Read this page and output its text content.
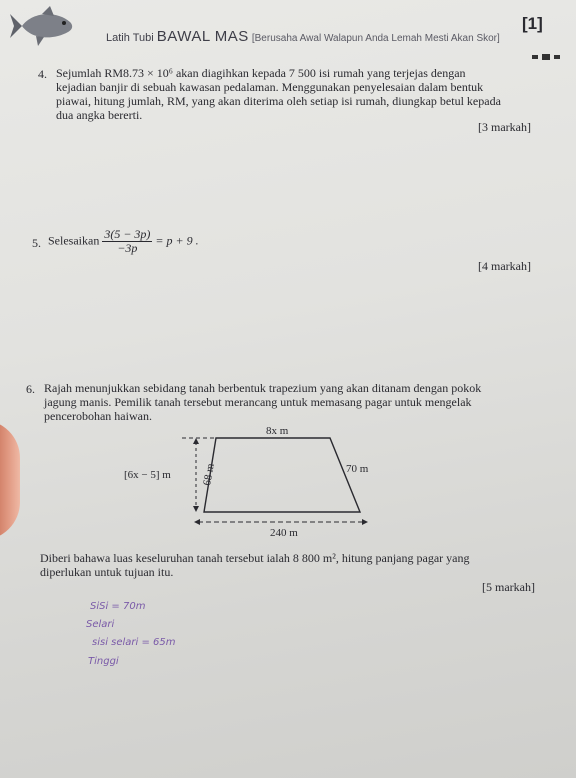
[1]
Latih Tubi BAWAL MAS [Berusaha Awal Walapun Anda Lemah Mesti Akan Skor]
4. Sejumlah RM8.73 × 10⁶ akan diagihkan kepada 7 500 isi rumah yang terjejas dengan
kejadian banjir di sebuah kawasan pedalaman. Menggunakan penyelesaian dalam bentuk
piawai, hitung jumlah, RM, yang akan diterima oleh setiap isi rumah, diungkap betul kepada
dua angka bererti.
[3 markah]
5. Selesaikan $\frac{3(5 - 3p)}{-3p} = p + 9$ .
[4 markah]
6. Rajah menunjukkan sebidang tanah berbentuk trapezium yang akan ditanam dengan pokok
jagung manis. Pemilik tanah tersebut merancang untuk memasang pagar untuk mengelak
pencerobohan haiwan.
8x m
[6x − 5] m	68 m	70 m
240 m
Diberi bahawa luas keseluruhan tanah tersebut ialah 8 800 m², hitung panjang pagar yang
diperlukan untuk tujuan itu.
[5 markah]
SiSi = 70m
Selari
sisi selari = 65m
Tinggi
